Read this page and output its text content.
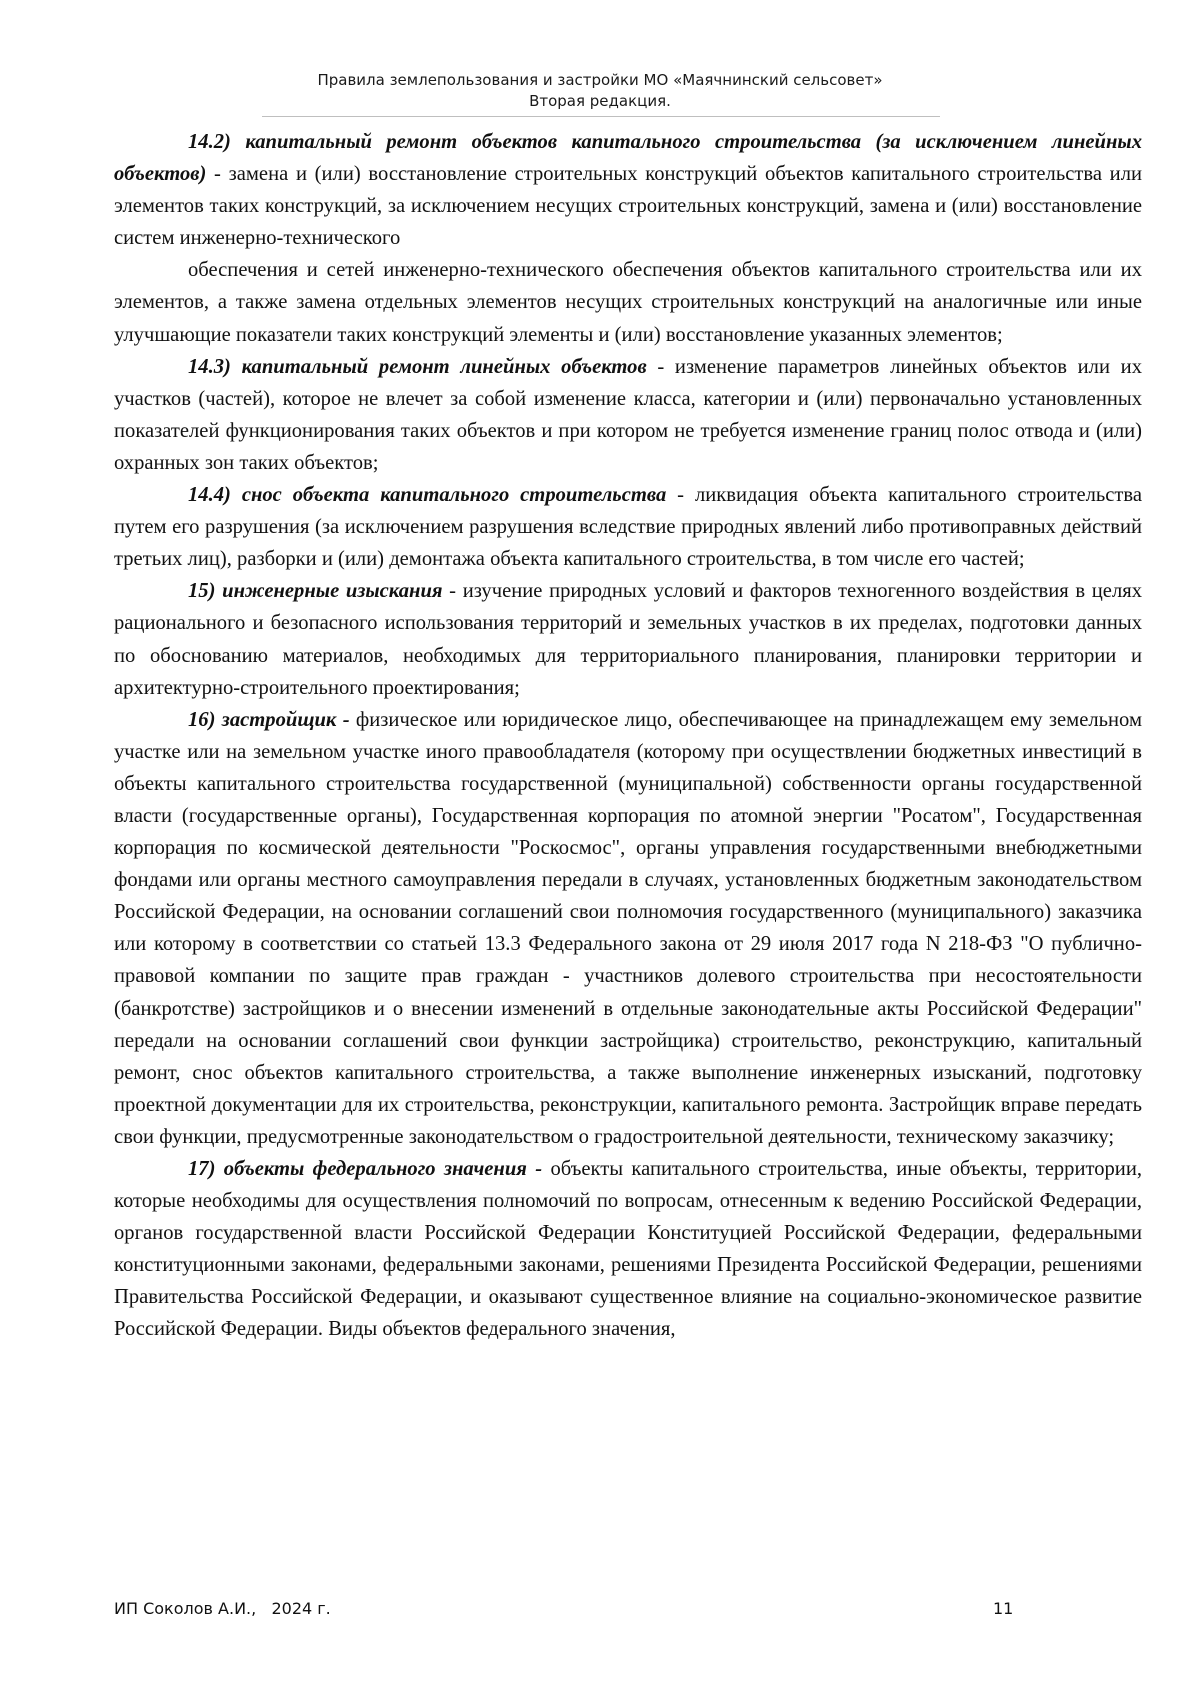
Правила землепользования и застройки МО «Маячнинский сельсовет»
Вторая редакция.

14.2) капитальный ремонт объектов капитального строительства (за исключением линейных объектов) - замена и (или) восстановление строительных конструкций объектов капитального строительства или элементов таких конструкций, за исключением несущих строительных конструкций, замена и (или) восстановление систем инженерно-технического

обеспечения и сетей инженерно-технического обеспечения объектов капитального строительства или их элементов, а также замена отдельных элементов несущих строительных конструкций на аналогичные или иные улучшающие показатели таких конструкций элементы и (или) восстановление указанных элементов;

14.3) капитальный ремонт линейных объектов - изменение параметров линейных объектов или их участков (частей), которое не влечет за собой изменение класса, категории и (или) первоначально установленных показателей функционирования таких объектов и при котором не требуется изменение границ полос отвода и (или) охранных зон таких объектов;

14.4) снос объекта капитального строительства - ликвидация объекта капитального строительства путем его разрушения (за исключением разрушения вследствие природных явлений либо противоправных действий третьих лиц), разборки и (или) демонтажа объекта капитального строительства, в том числе его частей;

15) инженерные изыскания - изучение природных условий и факторов техногенного воздействия в целях рационального и безопасного использования территорий и земельных участков в их пределах, подготовки данных по обоснованию материалов, необходимых для территориального планирования, планировки территории и архитектурно-строительного проектирования;

16) застройщик - физическое или юридическое лицо, обеспечивающее на принадлежащем ему земельном участке или на земельном участке иного правообладателя (которому при осуществлении бюджетных инвестиций в объекты капитального строительства государственной (муниципальной) собственности органы государственной власти (государственные органы), Государственная корпорация по атомной энергии "Росатом", Государственная корпорация по космической деятельности "Роскосмос", органы управления государственными внебюджетными фондами или органы местного самоуправления передали в случаях, установленных бюджетным законодательством Российской Федерации, на основании соглашений свои полномочия государственного (муниципального) заказчика или которому в соответствии со статьей 13.3 Федерального закона от 29 июля 2017 года N 218-ФЗ "О публично-правовой компании по защите прав граждан - участников долевого строительства при несостоятельности (банкротстве) застройщиков и о внесении изменений в отдельные законодательные акты Российской Федерации" передали на основании соглашений свои функции застройщика) строительство, реконструкцию, капитальный ремонт, снос объектов капитального строительства, а также выполнение инженерных изысканий, подготовку проектной документации для их строительства, реконструкции, капитального ремонта. Застройщик вправе передать свои функции, предусмотренные законодательством о градостроительной деятельности, техническому заказчику;

17) объекты федерального значения - объекты капитального строительства, иные объекты, территории, которые необходимы для осуществления полномочий по вопросам, отнесенным к ведению Российской Федерации, органов государственной власти Российской Федерации Конституцией Российской Федерации, федеральными конституционными законами, федеральными законами, решениями Президента Российской Федерации, решениями Правительства Российской Федерации, и оказывают существенное влияние на социально-экономическое развитие Российской Федерации. Виды объектов федерального значения,

ИП Соколов А.И.,   2024 г.	11
